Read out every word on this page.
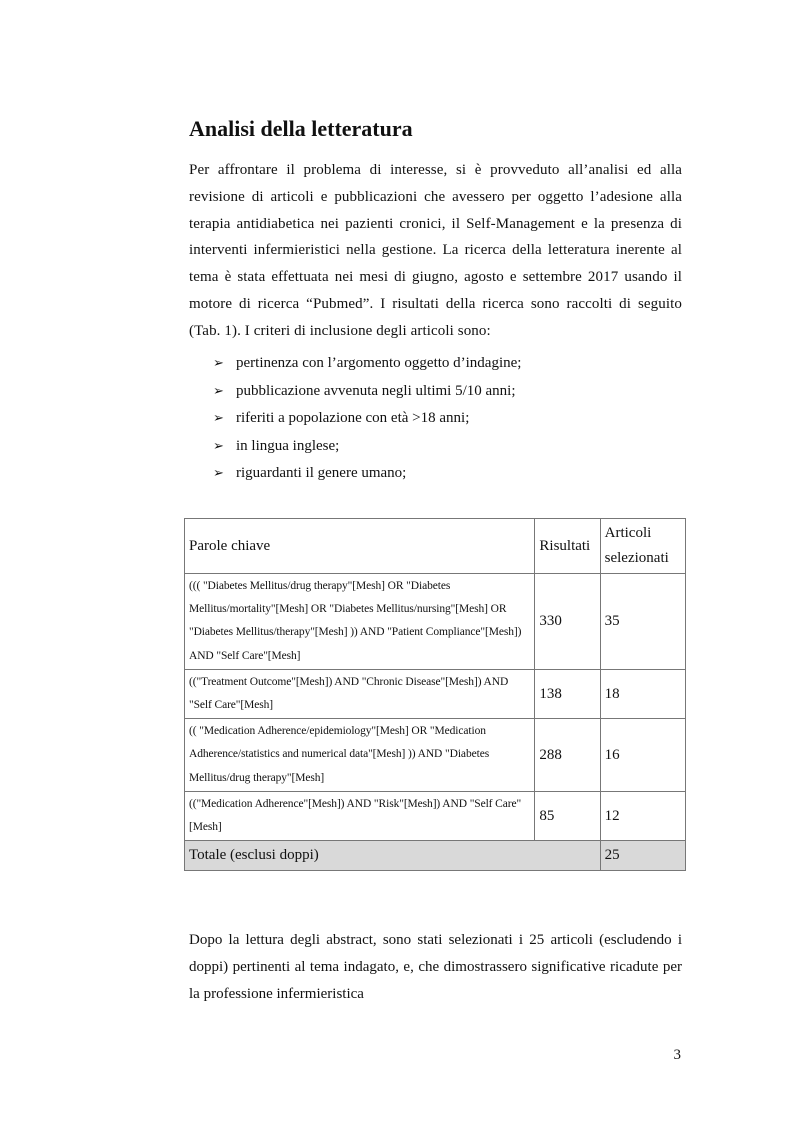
Analisi della letteratura

Per affrontare il problema di interesse, si è provveduto all’analisi ed alla revisione di articoli e pubblicazioni che avessero per oggetto l’adesione alla terapia antidiabetica nei pazienti cronici, il Self-Management e la presenza di interventi infermieristici nella gestione. La ricerca della letteratura inerente al tema è stata effettuata nei mesi di giugno, agosto e settembre 2017 usando il motore di ricerca “Pubmed”. I risultati della ricerca sono raccolti di seguito (Tab. 1). I criteri di inclusione degli articoli sono:

➢ pertinenza con l’argomento oggetto d’indagine;
➢ pubblicazione avvenuta negli ultimi 5/10 anni;
➢ riferiti a popolazione con età >18 anni;
➢ in lingua inglese;
➢ riguardanti il genere umano;
Parole chiave	Risultati	Articoli selezionati
((( "Diabetes Mellitus/drug therapy"[Mesh] OR "Diabetes Mellitus/mortality"[Mesh] OR "Diabetes Mellitus/nursing"[Mesh] OR "Diabetes Mellitus/therapy"[Mesh] )) AND "Patient Compliance"[Mesh]) AND "Self Care"[Mesh]	330	35
(("Treatment Outcome"[Mesh]) AND "Chronic Disease"[Mesh]) AND "Self Care"[Mesh]	138	18
(( "Medication Adherence/epidemiology"[Mesh] OR "Medication Adherence/statistics and numerical data"[Mesh] )) AND "Diabetes Mellitus/drug therapy"[Mesh]	288	16
(("Medication Adherence"[Mesh]) AND "Risk"[Mesh]) AND "Self Care"[Mesh]	85	12
Totale (esclusi doppi)		25

Dopo la lettura degli abstract, sono stati selezionati i 25 articoli (escludendo i doppi) pertinenti al tema indagato, e, che dimostrassero significative ricadute per la professione infermieristica

3
